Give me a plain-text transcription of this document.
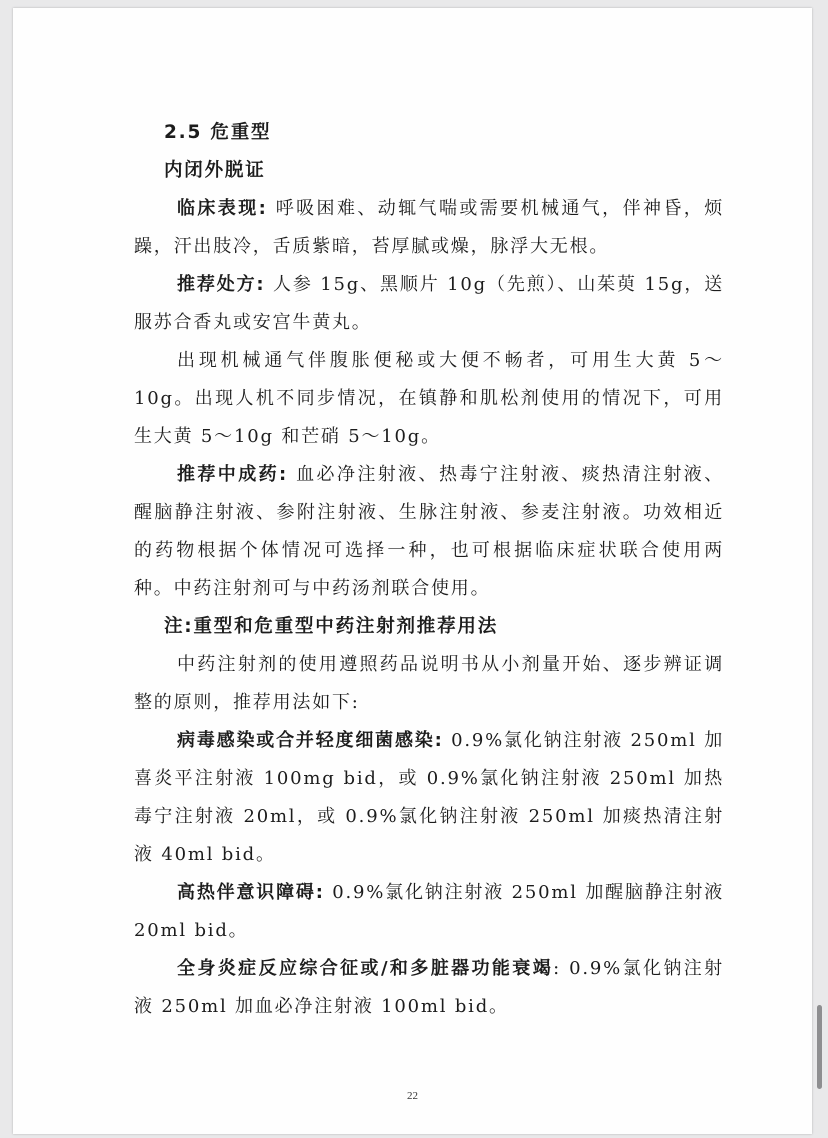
2.5 危重型

内闭外脱证

临床表现: 呼吸困难、动辄气喘或需要机械通气，伴神昏，烦躁，汗出肢冷，舌质紫暗，苔厚腻或燥，脉浮大无根。

推荐处方: 人参 15g、黑顺片 10g（先煎）、山茱萸 15g，送服苏合香丸或安宫牛黄丸。

出现机械通气伴腹胀便秘或大便不畅者，可用生大黄 5～10g。出现人机不同步情况，在镇静和肌松剂使用的情况下，可用生大黄 5～10g 和芒硝 5～10g。

推荐中成药: 血必净注射液、热毒宁注射液、痰热清注射液、醒脑静注射液、参附注射液、生脉注射液、参麦注射液。功效相近的药物根据个体情况可选择一种，也可根据临床症状联合使用两种。中药注射剂可与中药汤剂联合使用。

注:重型和危重型中药注射剂推荐用法

中药注射剂的使用遵照药品说明书从小剂量开始、逐步辨证调整的原则，推荐用法如下:

病毒感染或合并轻度细菌感染: 0.9%氯化钠注射液 250ml 加喜炎平注射液 100mg bid，或 0.9%氯化钠注射液 250ml 加热毒宁注射液 20ml，或 0.9%氯化钠注射液 250ml 加痰热清注射液 40ml bid。

高热伴意识障碍: 0.9%氯化钠注射液 250ml 加醒脑静注射液 20ml bid。

全身炎症反应综合征或/和多脏器功能衰竭: 0.9%氯化钠注射液 250ml 加血必净注射液 100ml bid。

22
